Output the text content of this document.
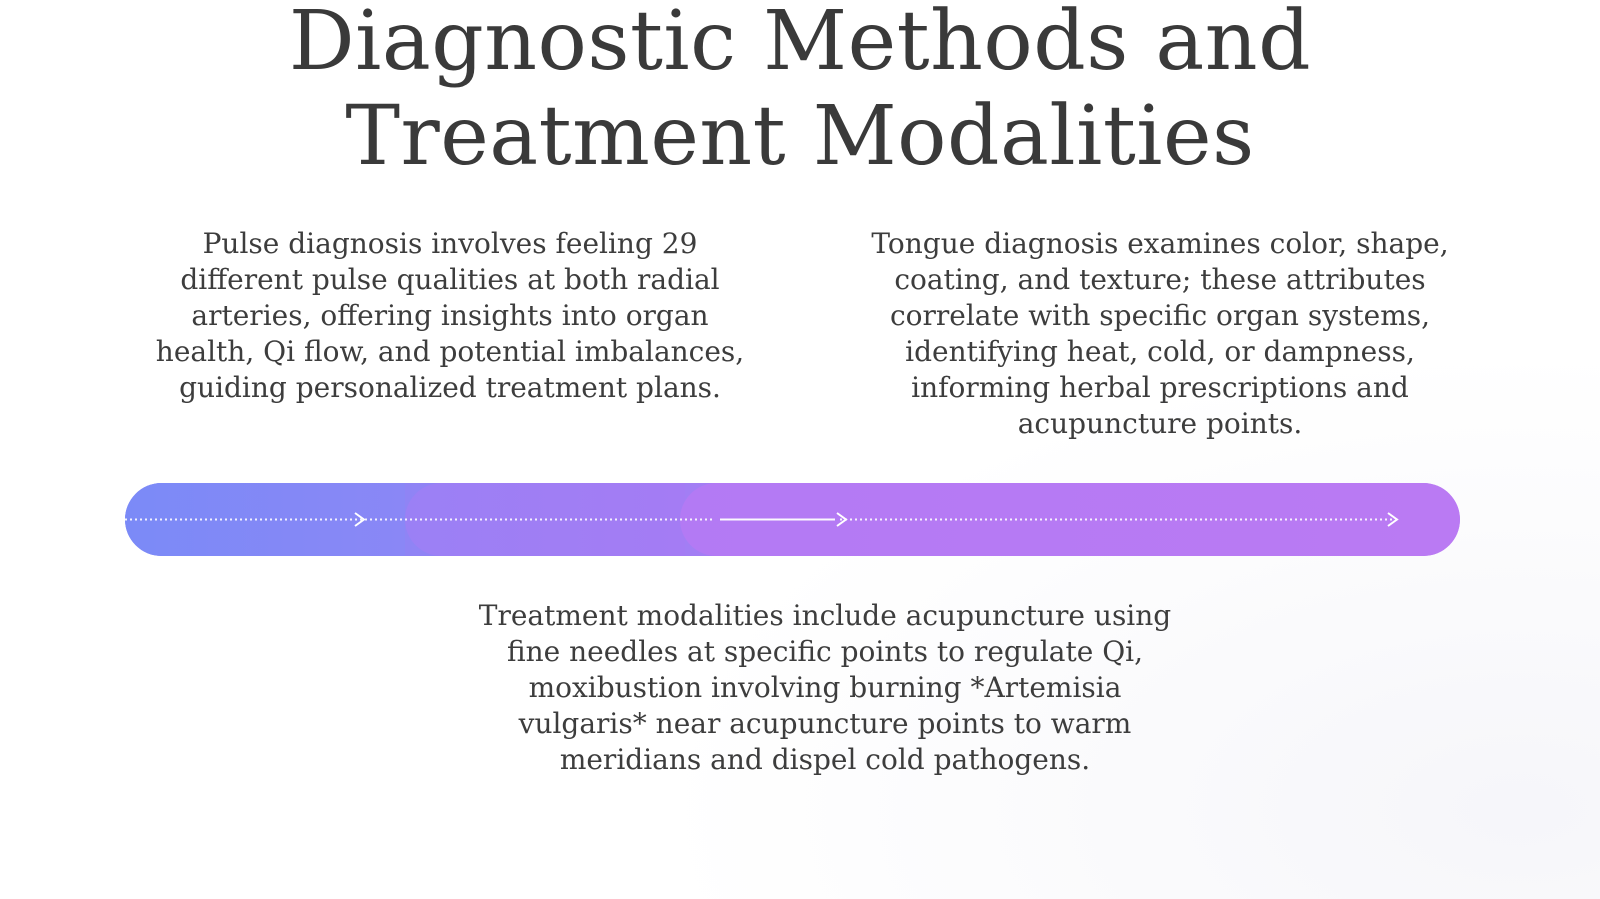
Diagnostic Methods and
Treatment Modalities

Pulse diagnosis involves feeling 29 different pulse qualities at both radial arteries, offering insights into organ health, Qi flow, and potential imbalances, guiding personalized treatment plans.

Tongue diagnosis examines color, shape, coating, and texture; these attributes correlate with specific organ systems, identifying heat, cold, or dampness, informing herbal prescriptions and acupuncture points.

Treatment modalities include acupuncture using fine needles at specific points to regulate Qi, moxibustion involving burning *Artemisia vulgaris* near acupuncture points to warm meridians and dispel cold pathogens.
